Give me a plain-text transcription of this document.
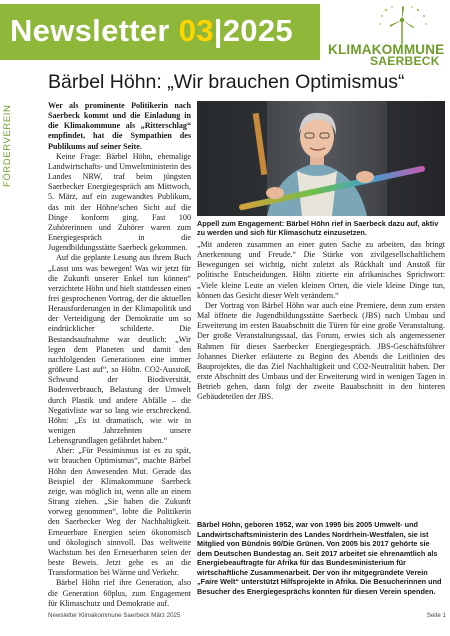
Newsletter 03|2025
KLIMAKOMMUNE
SAERBECK
Bärbel Höhn: „Wir brauchen Optimismus“
FÖRDERVEREIN	Wer als prominente Politikerin nach Saerbeck kommt und die Einladung in die Klimakommune als „Ritterschlag“ empfindet, hat die Sympathien des Publikums auf seiner Seite.

Keine Frage: Bärbel Höhn, ehemalige Landwirtschafts- und Umweltministerin des Landes NRW, traf beim jüngsten Saerbecker Energiegespräch am Mittwoch, 5. März, auf ein zugewandtes Publikum, das mit der Höhne'schen Sicht auf die Dinge konform ging. Fast 100 Zuhörerinnen und Zuhörer waren zum Energiegespräch in die Jugendbildungsstätte Saerbeck gekommen.

Auf die geplante Lesung aus ihrem Buch „Lasst uns was bewegen! Was wir jetzt für die Zukunft unserer Enkel tun können“ verzichtete Höhn und hielt stattdessen einen frei gesprochenen Vortrag, der die aktuellen Herausforderungen in der Klimapolitik und der Verteidigung der Demokratie um so eindrücklicher schilderte. Die Bestandsaufnahme war deutlich: „Wir legen dem Planeten und damit den nachfolgenden Generationen eine immer größere Last auf“, so Höhn. CO2-Ausstoß, Schwund der Biodiversität, Bodenverbrauch, Belastung der Umwelt durch Plastik und andere Abfälle – die Negativliste war so lang wie erschreckend. Höhn: „Es ist dramatisch, wie wir in wenigen Jahrzehnten unsere Lebensgrundlagen gefährdet haben.“

Aber: „Für Pessimismus ist es zu spät, wir brauchen Optimismus“, machte Bärbel Höhn den Anwesenden Mut. Gerade das Beispiel der Klimakommune Saerbeck zeige, was möglich ist, wenn alle an einem Strang ziehen. „Sie haben die Zukunft vorweg genommen“, lobte die Politikerin den Saerbecker Weg der Nachhaltigkeit. Erneuerbare Energien seien ökonomisch und ökologisch sinnvoll. Das weltweite Wachstum bei den Erneuerbaren seien der beste Beweis. Jetzt gehe es an die Transformation bei Wärme und Verkehr.

Bärbel Höhn rief ihre Generation, also die Generation 60plus, zum Engagement für Klimaschutz und Demokratie auf.

Appell zum Engagement: Bärbel Höhn rief in Saerbeck dazu auf, aktiv zu werden und sich für Klimaschutz einzusetzen.

„Mit anderen zusammen an einer guten Sache zu arbeiten, das bringt Anerkennung und Freude.“ Die Stärke von zivilgesellschaftlichem Bewegungen sei wichtig, nicht zuletzt als Rückhalt und Anstoß für politische Entscheidungen. Höhn zitierte ein afrikanisches Sprichwort: „Viele kleine Leute an vielen kleinen Orten, die viele kleine Dinge tun, können das Gesicht dieser Welt verändern.“

Der Vortrag von Bärbel Höhn war auch eine Premiere, denn zum ersten Mal öffnete die Jugendbildungsstätte Saerbeck (JBS) nach Umbau und Erweiterung im ersten Bauabschnitt die Türen für eine große Veranstaltung. Der große Veranstaltungssaal, das Forum, erwies sich als angemessener Rahmen für dieses Saerbecker Energiegespräch. JBS-Geschäftsführer Johannes Dierker erläuterte zu Beginn des Abends die Leitlinien des Bauprojektes, die das Ziel Nachhaltigkeit und CO2-Neutralität haben. Der erste Abschnitt des Umbaus und der Erweiterung wird in wenigen Tagen in Betrieb gehen, dann folgt der zweite Bauabschnitt in den hinteren Gebäudeteilen der JBS.

Bärbel Höhn, geboren 1952, war von 1995 bis 2005 Umwelt- und Landwirtschaftsministerin des Landes Nordrhein-Westfalen, sie ist Mitglied von Bündnis 90/Die Grünen. Von 2005 bis 2017 gehörte sie dem Deutschen Bundestag an. Seit 2017 arbeitet sie ehrenamtlich als Energiebeauftragte für Afrika für das Bundesministerium für wirtschaftliche Zusammenarbeit. Der von ihr mitgegründete Verein „Faire Welt“ unterstützt Hilfsprojekte in Afrika. Die Besucherinnen und Besucher des Energiegesprächs konnten für diesen Verein spenden.
Newsletter Klimakommune Saerbeck März 2025	Seite 1
